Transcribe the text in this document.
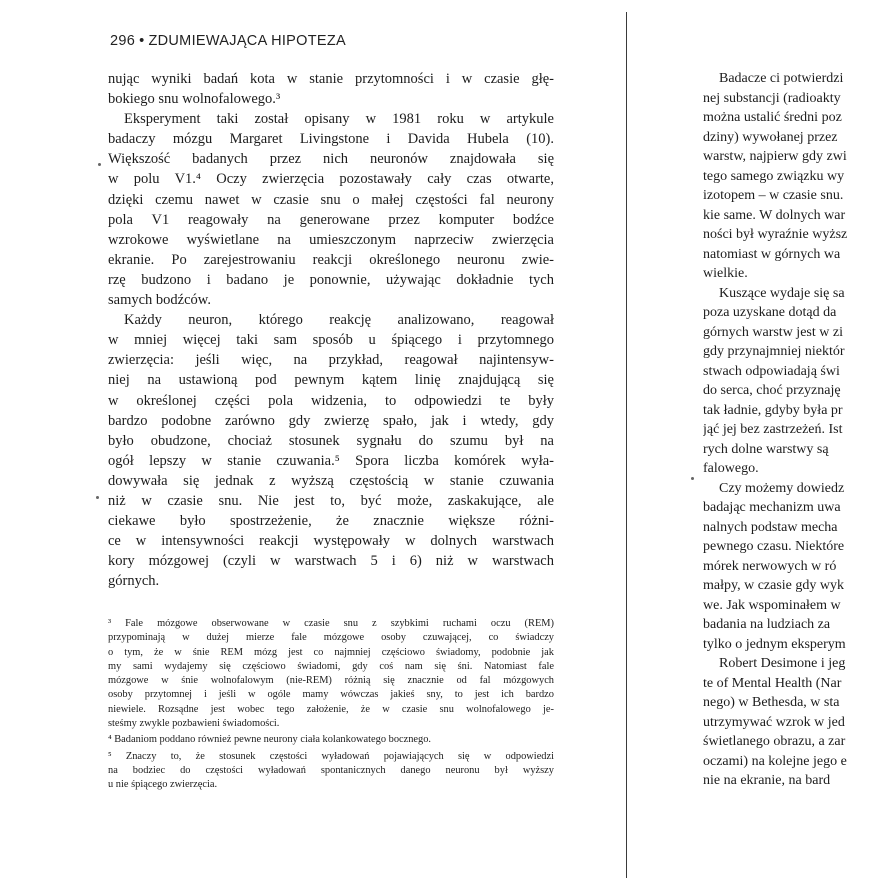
296 • ZDUMIEWAJĄCA HIPOTEZA
nując wyniki badań kota w stanie przytomności i w czasie głę-
bokiego snu wolnofalowego.³
Eksperyment taki został opisany w 1981 roku w artykule
badaczy mózgu Margaret Livingstone i Davida Hubela (10).
Większość badanych przez nich neuronów znajdowała się
w polu V1.⁴ Oczy zwierzęcia pozostawały cały czas otwarte,
dzięki czemu nawet w czasie snu o małej częstości fal neurony
pola V1 reagowały na generowane przez komputer bodźce
wzrokowe wyświetlane na umieszczonym naprzeciw zwierzęcia
ekranie. Po zarejestrowaniu reakcji określonego neuronu zwie-
rzę budzono i badano je ponownie, używając dokładnie tych
samych bodźców.
Każdy neuron, którego reakcję analizowano, reagował
w mniej więcej taki sam sposób u śpiącego i przytomnego
zwierzęcia: jeśli więc, na przykład, reagował najintensyw-
niej na ustawioną pod pewnym kątem linię znajdującą się
w określonej części pola widzenia, to odpowiedzi te były
bardzo podobne zarówno gdy zwierzę spało, jak i wtedy, gdy
było obudzone, chociaż stosunek sygnału do szumu był na
ogół lepszy w stanie czuwania.⁵ Spora liczba komórek wyła-
dowywała się jednak z wyższą częstością w stanie czuwania
niż w czasie snu. Nie jest to, być może, zaskakujące, ale
ciekawe było spostrzeżenie, że znacznie większe różni-
ce w intensywności reakcji występowały w dolnych warstwach
kory mózgowej (czyli w warstwach 5 i 6) niż w warstwach
górnych.
³ Fale mózgowe obserwowane w czasie snu z szybkimi ruchami oczu (REM)
przypominają w dużej mierze fale mózgowe osoby czuwającej, co świadczy
o tym, że w śnie REM mózg jest co najmniej częściowo świadomy, podobnie jak
my sami wydajemy się częściowo świadomi, gdy coś nam się śni. Natomiast fale
mózgowe w śnie wolnofalowym (nie-REM) różnią się znacznie od fal mózgowych
osoby przytomnej i jeśli w ogóle mamy wówczas jakieś sny, to jest ich bardzo
niewiele. Rozsądne jest wobec tego założenie, że w czasie snu wolnofalowego je-
steśmy zwykle pozbawieni świadomości.
⁴ Badaniom poddano również pewne neurony ciała kolankowatego bocznego.
⁵ Znaczy to, że stosunek częstości wyładowań pojawiających się w odpowiedzi
na bodziec do częstości wyładowań spontanicznych danego neuronu był wyższy
u nie śpiącego zwierzęcia.
Badacze ci potwierdzi
nej substancji (radioakty
można ustalić średni poz
dziny) wywołanej przez
warstw, najpierw gdy zwi
tego samego związku wy
izotopem – w czasie snu.
kie same. W dolnych war
ności był wyraźnie wyższ
natomiast w górnych wa
wielkie.
Kuszące wydaje się sa
poza uzyskane dotąd da
górnych warstw jest w zi
gdy przynajmniej niektór
stwach odpowiadają świ
do serca, choć przyznaję
tak ładnie, gdyby była pr
jąć jej bez zastrzeżeń. Ist
rych dolne warstwy są
falowego.
Czy możemy dowiedz
badając mechanizm uwa
nalnych podstaw mecha
pewnego czasu. Niektóre
mórek nerwowych w ró
małpy, w czasie gdy wyk
we. Jak wspominałem w
badania na ludziach za
tylko o jednym eksperym
Robert Desimone i jeg
te of Mental Health (Nar
nego) w Bethesda, w sta
utrzymywać wzrok w jed
świetlanego obrazu, a zar
oczami) na kolejne jego e
nie na ekranie, na bard
